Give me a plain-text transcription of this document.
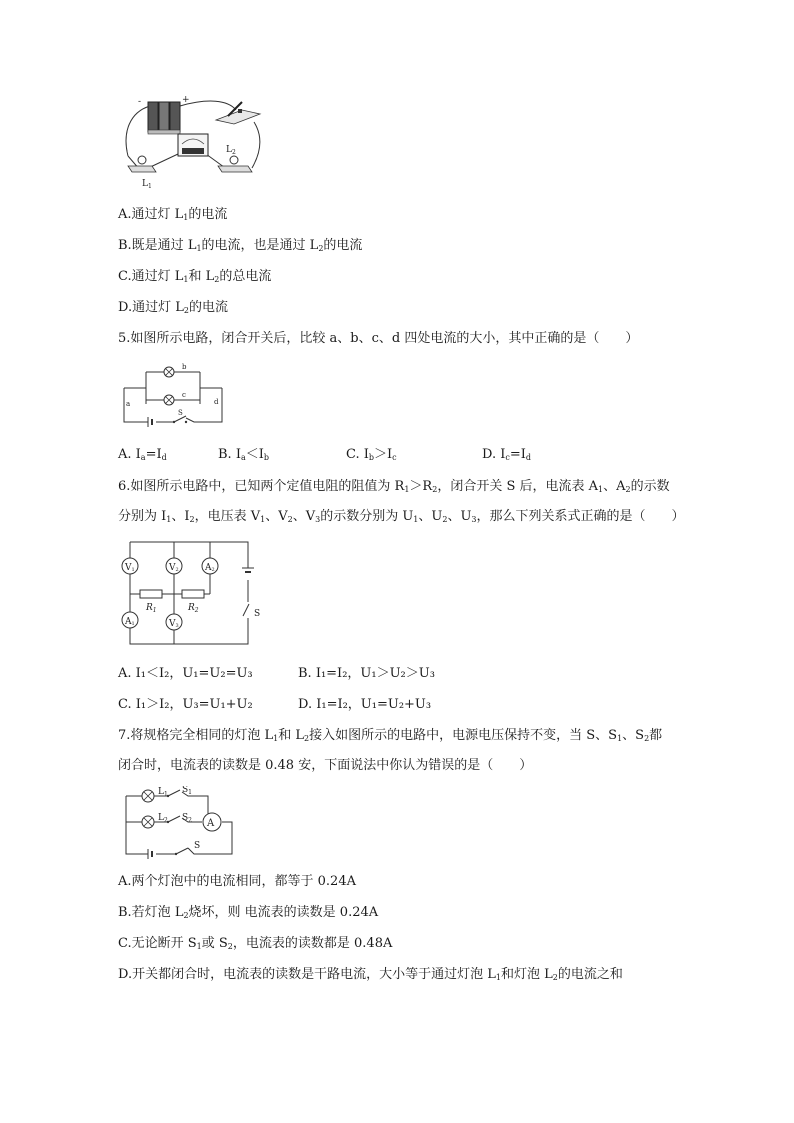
-	+
$L_1$
$L_2$
A.通过灯 $L_1$的电流
B.既是通过 $L_1$的电流，也是通过 $L_2$的电流
C.通过灯 $L_1$和 $L_2$的总电流
D.通过灯 $L_2$的电流
5.如图所示电路，闭合开关后，比较 a、b、c、d 四处电流的大小，其中正确的是（　　）
a
b
c
d
S
A. $I_a=I_d$	B. $I_a<I_b$	C. $I_b>I_c$	D. $I_c=I_d$
6.如图所示电路中，已知两个定值电阻的阻值为 $R_1>R_2$，闭合开关 S 后，电流表 $A_1$、$A_2$的示数
分别为 $I_1$、$I_2$，电压表 $V_1$、$V_2$、$V_3$的示数分别为 $U_1$、$U_2$、$U_3$，那么下列关系式正确的是（　　）
V1	V2	A2
A1	V3
$R_1$	$R_2$	S
A. I₁＜I₂，U₁=U₂=U₃	B. I₁=I₂，U₁＞U₂＞U₃
C. I₁＞I₂，U₃=U₁+U₂	D. I₁=I₂，U₁=U₂+U₃
7.将规格完全相同的灯泡 $L_1$和 $L_2$接入如图所示的电路中，电源电压保持不变，当 S、$S_1$、$S_2$都
闭合时，电流表的读数是 0.48 安，下面说法中你认为错误的是（　　）
A
$L_1$ $S_1$
$L_2$ $S_2$
S
A.两个灯泡中的电流相同，都等于 0.24A
B.若灯泡 $L_2$烧坏，则 电流表的读数是 0.24A
C.无论断开 $S_1$或 $S_2$，电流表的读数都是 0.48A
D.开关都闭合时，电流表的读数是干路电流，大小等于通过灯泡 $L_1$和灯泡 $L_2$的电流之和
